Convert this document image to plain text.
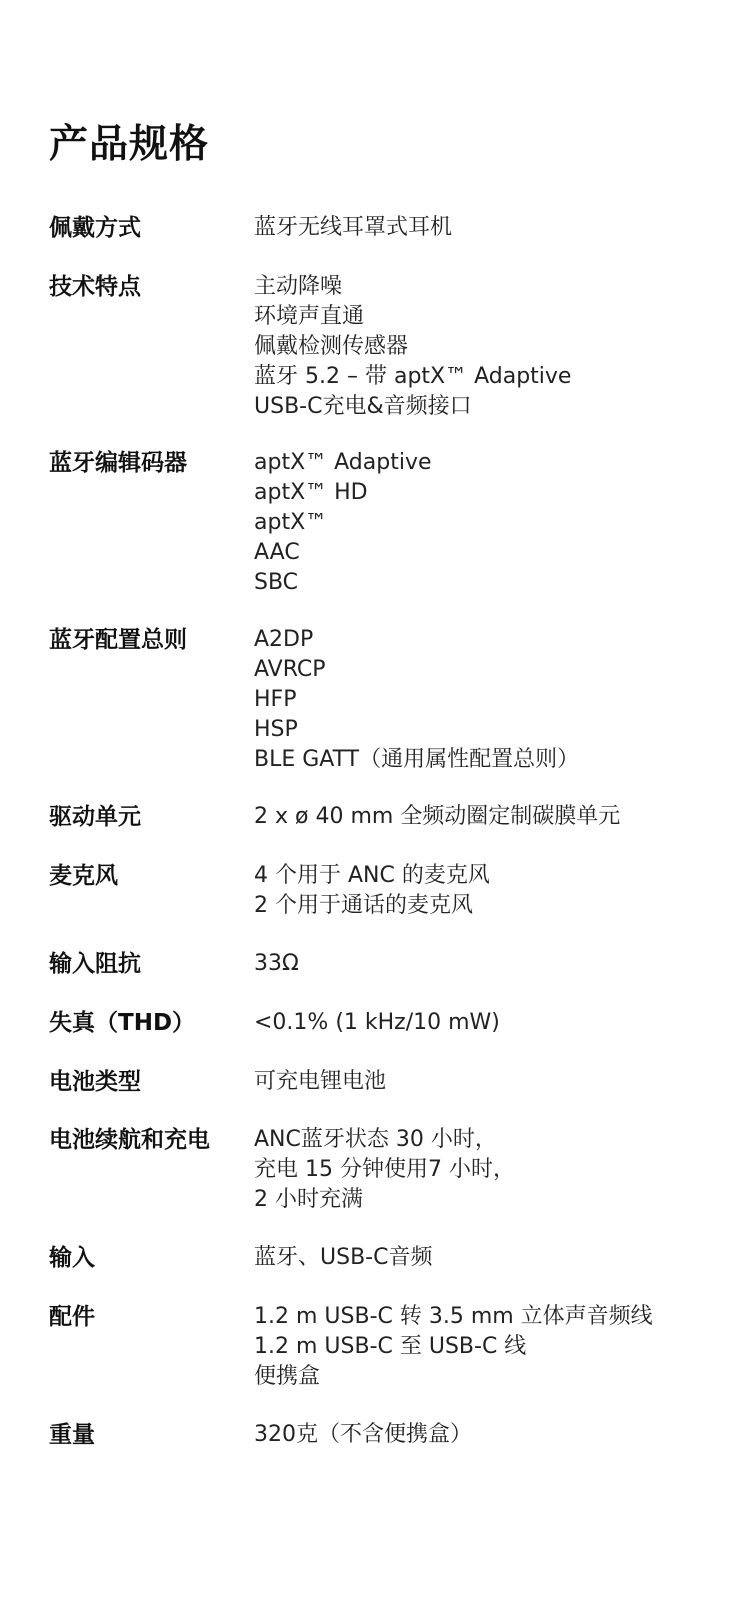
产品规格
佩戴方式	蓝牙无线耳罩式耳机
技术特点	主动降噪
环境声直通
佩戴检测传感器
蓝牙 5.2 – 带 aptX™ Adaptive
USB-C充电&音频接口
蓝牙编辑码器	aptX™ Adaptive
aptX™ HD
aptX™
AAC
SBC
蓝牙配置总则	A2DP
AVRCP
HFP
HSP
BLE GATT（通用属性配置总则）
驱动单元	2 x ø 40 mm 全频动圈定制碳膜单元
麦克风	4 个用于 ANC 的麦克风
2 个用于通话的麦克风
输入阻抗	33Ω
失真（THD）	<0.1% (1 kHz/10 mW)
电池类型	可充电锂电池
电池续航和充电	ANC蓝牙状态 30 小时，
充电 15 分钟使用7 小时，
2 小时充满
输入	蓝牙、USB-C音频
配件	1.2 m USB-C 转 3.5 mm 立体声音频线
1.2 m USB-C 至 USB-C 线
便携盒
重量	320克（不含便携盒）
